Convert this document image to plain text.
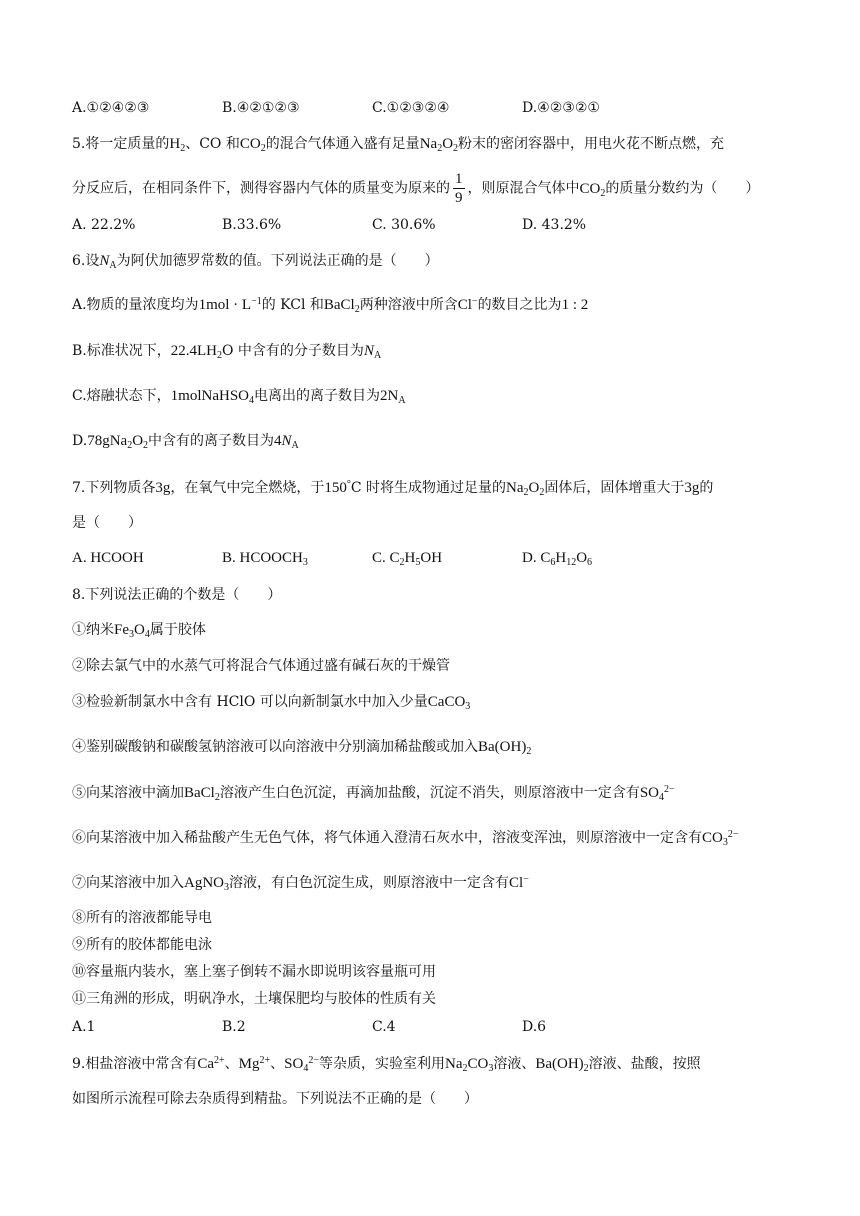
A.①②④②③	B.④②①②③	C.①②③②④	D.④②③②①
5.将一定质量的$H_2$、CO 和$CO_2$的混合气体通入盛有足量$Na_2O_2$粉末的密闭容器中，用电火花不断点燃，充
分反应后，在相同条件下，测得容器内气体的质量变为原来的 $\frac{1}{9}$ ，则原混合气体中$CO_2$的质量分数约为（　　）
A. 22.2%	B.33.6%	C. 30.6%	D. 43.2%
6.设$N_A$为阿伏加德罗常数的值。下列说法正确的是（　　）
A.物质的量浓度均为$1mol \cdot L^{-1}$的 KCl 和BaCl$_2$两种溶液中所含Cl−的数目之比为1 : 2
B.标准状况下，$22.4LH_2O$ 中含有的分子数目为$N_A$
C.熔融状态下，1molNaHSO$_4$电离出的离子数目为$2N_A$
$D.78gNa_2O_2$中含有的离子数目为$4N_A$
7.下列物质各3g，在氧气中完全燃烧，于150°C 时将生成物通过足量的$Na_2O_2$固体后，固体增重大于3g的
是（　　）
A. HCOOH	B. $HCOOCH_3$	C. $C_2H_5OH$	D. $C_6H_{12}O_6$
8.下列说法正确的个数是（　　）
①纳米$Fe_3O_4$属于胶体
②除去氯气中的水蒸气可将混合气体通过盛有碱石灰的干燥管
③检验新制氯水中含有 HClO 可以向新制氯水中加入少量CaCO$_3$
④鉴别碳酸钠和碳酸氢钠溶液可以向溶液中分别滴加稀盐酸或加入$Ba(OH)_2$
⑤向某溶液中滴加BaCl$_2$溶液产生白色沉淀，再滴加盐酸，沉淀不消失，则原溶液中一定含有$SO_4^{2-}$
⑥向某溶液中加入稀盐酸产生无色气体，将气体通入澄清石灰水中，溶液变浑浊，则原溶液中一定含有$CO_3^{2-}$
⑦向某溶液中加入AgNO$_3$溶液，有白色沉淀生成，则原溶液中一定含有Cl−
⑧所有的溶液都能导电
⑨所有的胶体都能电泳
⑩容量瓶内装水，塞上塞子倒转不漏水即说明该容量瓶可用
⑪三角洲的形成，明矾净水，土壤保肥均与胶体的性质有关
A.1	B.2	C.4	D.6
9.相盐溶液中常含有$Ca^{2+}$、$Mg^{2+}$、$SO_4^{2-}$等杂质，实验室利用$Na_2CO_3$溶液、$Ba(OH)_2$溶液、盐酸，按照
如图所示流程可除去杂质得到精盐。下列说法不正确的是（　　）
